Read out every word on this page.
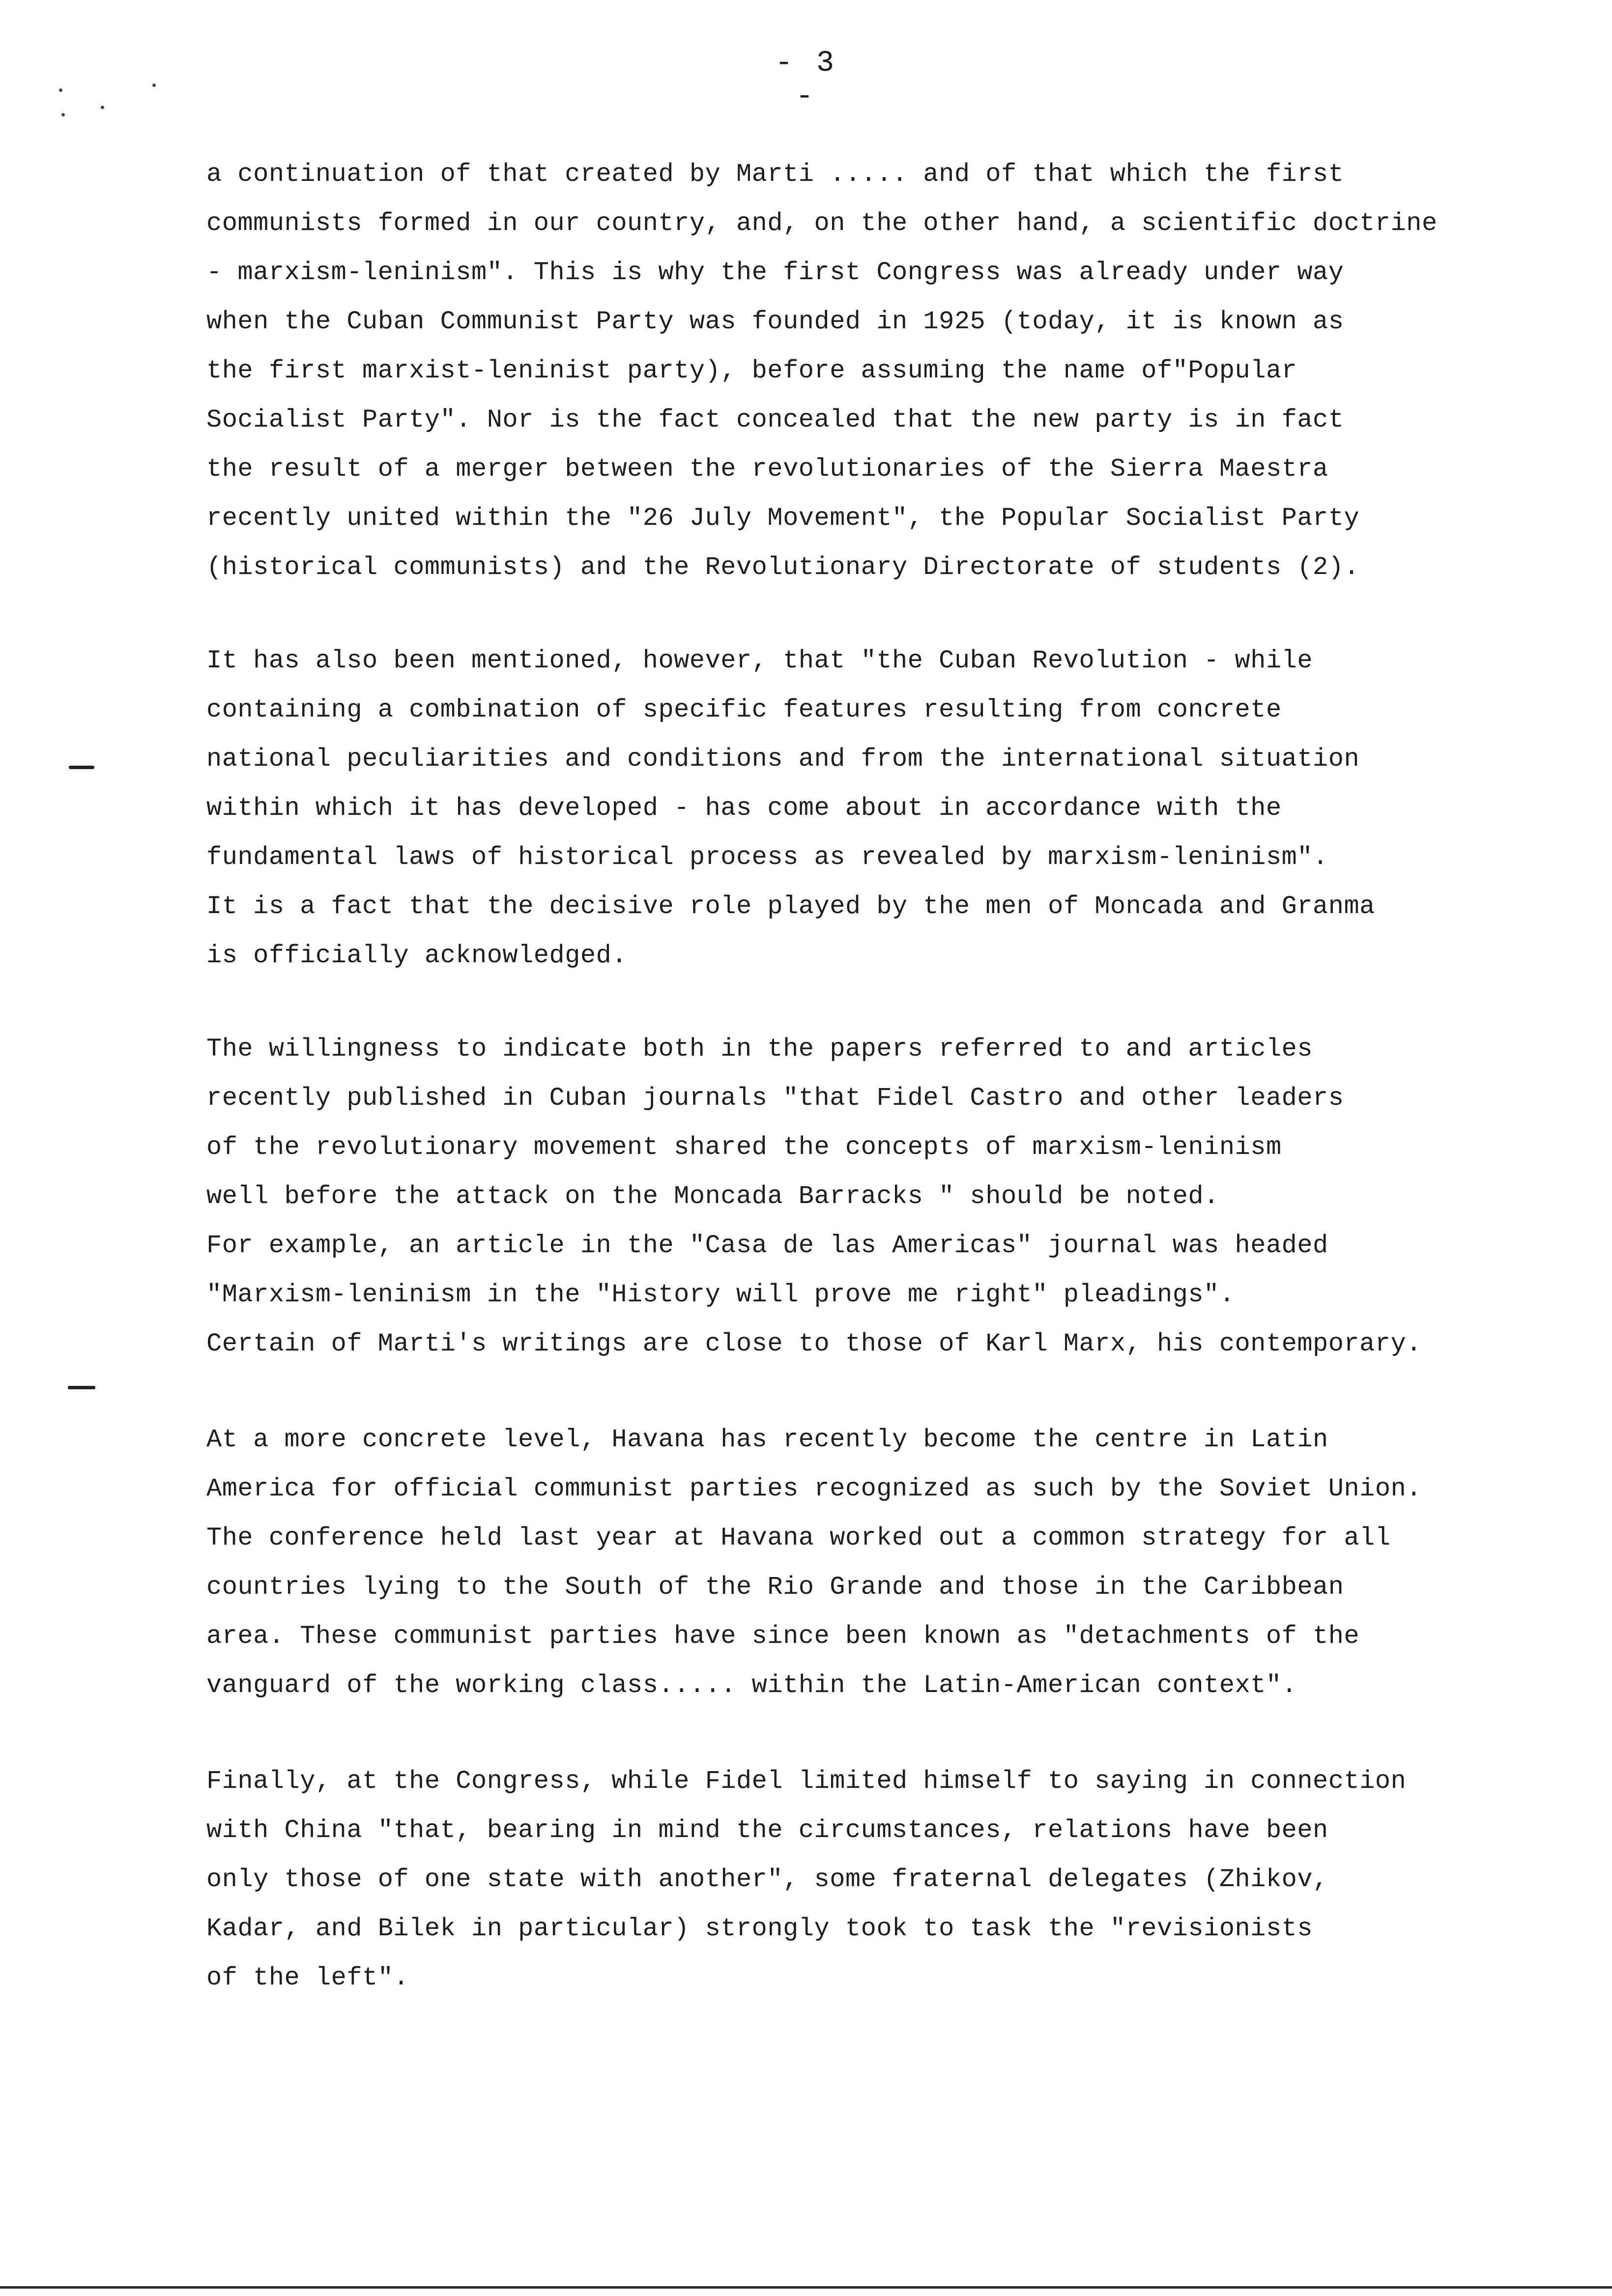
- 3 -
a continuation of that created by Marti ..... and of that which the first
communists formed in our country, and, on the other hand, a scientific doctrine
- marxism-leninism". This is why the first Congress was already under way
when the Cuban Communist Party was founded in 1925 (today, it is known as
the first marxist-leninist party), before assuming the name of"Popular
Socialist Party". Nor is the fact concealed that the new party is in fact
the result of a merger between the revolutionaries of the Sierra Maestra
recently united within the "26 July Movement", the Popular Socialist Party
(historical communists) and the Revolutionary Directorate of students (2).
It has also been mentioned, however, that "the Cuban Revolution - while
containing a combination of specific features resulting from concrete
national peculiarities and conditions and from the international situation
within which it has developed - has come about in accordance with the
fundamental laws of historical process as revealed by marxism-leninism".
It is a fact that the decisive role played by the men of Moncada and Granma
is officially acknowledged.
The willingness to indicate both in the papers referred to and articles
recently published in Cuban journals "that Fidel Castro and other leaders
of the revolutionary movement shared the concepts of marxism-leninism
well before the attack on the Moncada Barracks " should be noted.
For example, an article in the "Casa de las Americas" journal was headed
"Marxism-leninism in the "History will prove me right" pleadings".
Certain of Marti's writings are close to those of Karl Marx, his contemporary.
At a more concrete level, Havana has recently become the centre in Latin
America for official communist parties recognized as such by the Soviet Union.
The conference held last year at Havana worked out a common strategy for all
countries lying to the South of the Rio Grande and those in the Caribbean
area. These communist parties have since been known as "detachments of the
vanguard of the working class..... within the Latin-American context".
Finally, at the Congress, while Fidel limited himself to saying in connection
with China "that, bearing in mind the circumstances, relations have been
only those of one state with another", some fraternal delegates (Zhikov,
Kadar, and Bilek in particular) strongly took to task the "revisionists
of the left".
